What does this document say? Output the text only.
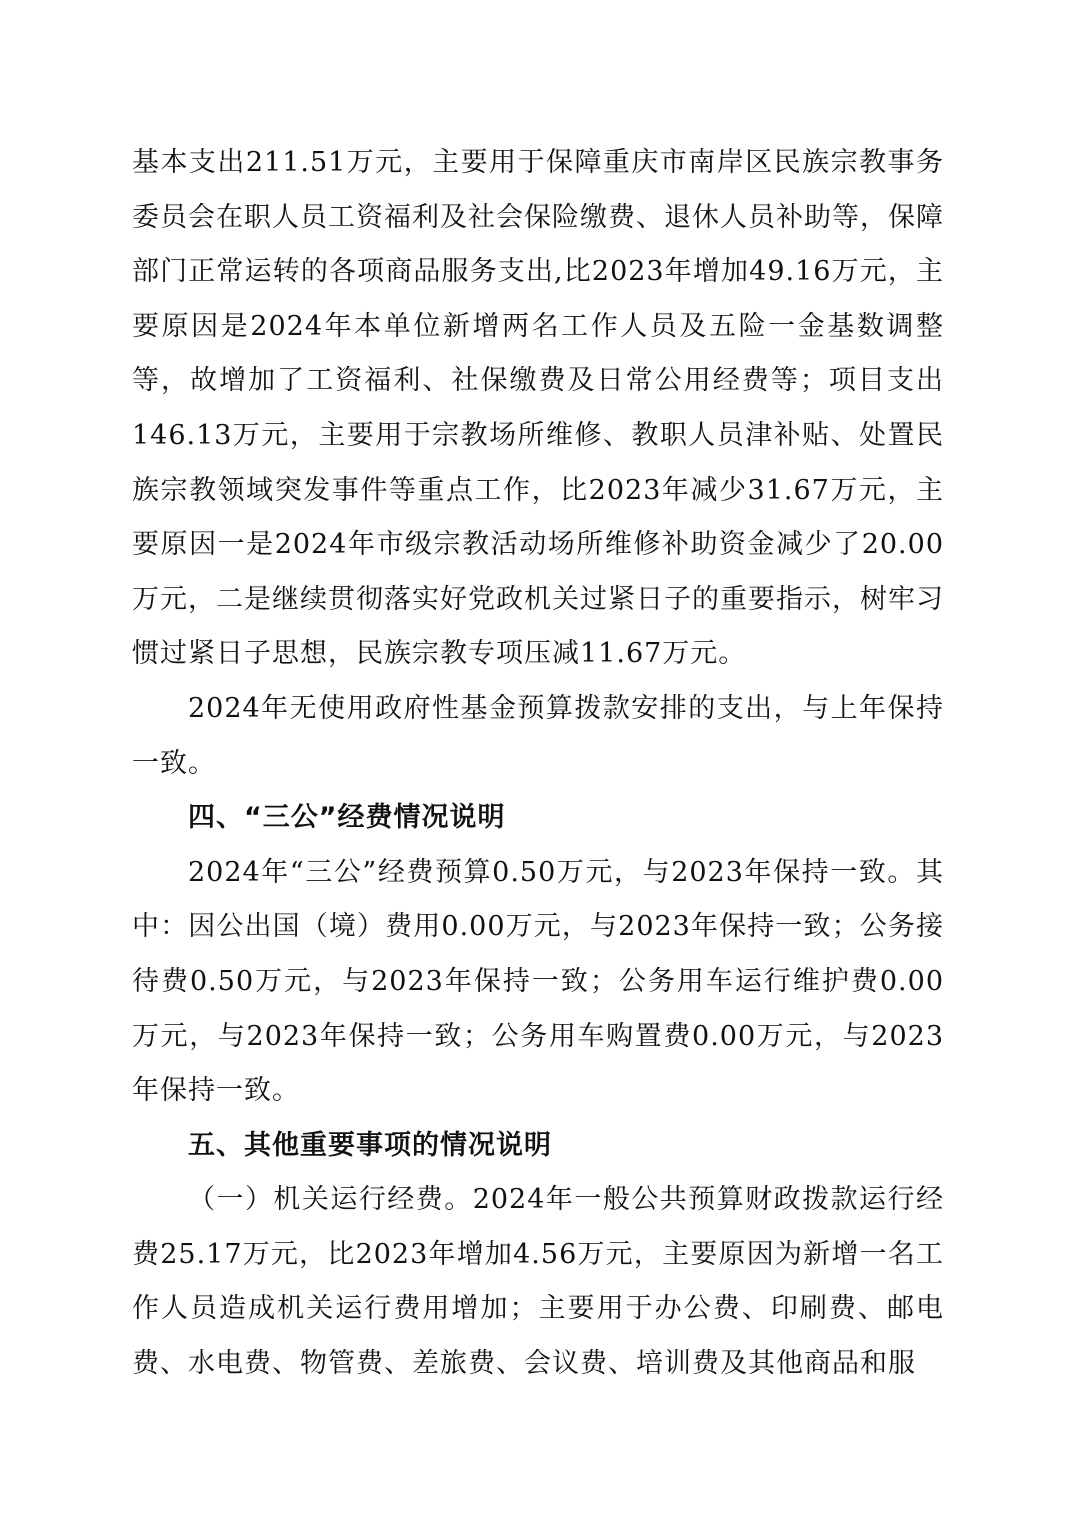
基本支出211.51万元，主要用于保障重庆市南岸区民族宗教事务委员会在职人员工资福利及社会保险缴费、退休人员补助等，保障部门正常运转的各项商品服务支出,比2023年增加49.16万元，主要原因是2024年本单位新增两名工作人员及五险一金基数调整等，故增加了工资福利、社保缴费及日常公用经费等；项目支出146.13万元，主要用于宗教场所维修、教职人员津补贴、处置民族宗教领域突发事件等重点工作，比2023年减少31.67万元，主要原因一是2024年市级宗教活动场所维修补助资金减少了20.00万元，二是继续贯彻落实好党政机关过紧日子的重要指示，树牢习惯过紧日子思想，民族宗教专项压减11.67万元。

2024年无使用政府性基金预算拨款安排的支出，与上年保持一致。

四、“三公”经费情况说明

2024年“三公”经费预算0.50万元，与2023年保持一致。其中：因公出国（境）费用0.00万元，与2023年保持一致；公务接待费0.50万元，与2023年保持一致；公务用车运行维护费0.00万元，与2023年保持一致；公务用车购置费0.00万元，与2023年保持一致。

五、其他重要事项的情况说明

（一）机关运行经费。2024年一般公共预算财政拨款运行经费25.17万元，比2023年增加4.56万元，主要原因为新增一名工作人员造成机关运行费用增加；主要用于办公费、印刷费、邮电费、水电费、物管费、差旅费、会议费、培训费及其他商品和服
